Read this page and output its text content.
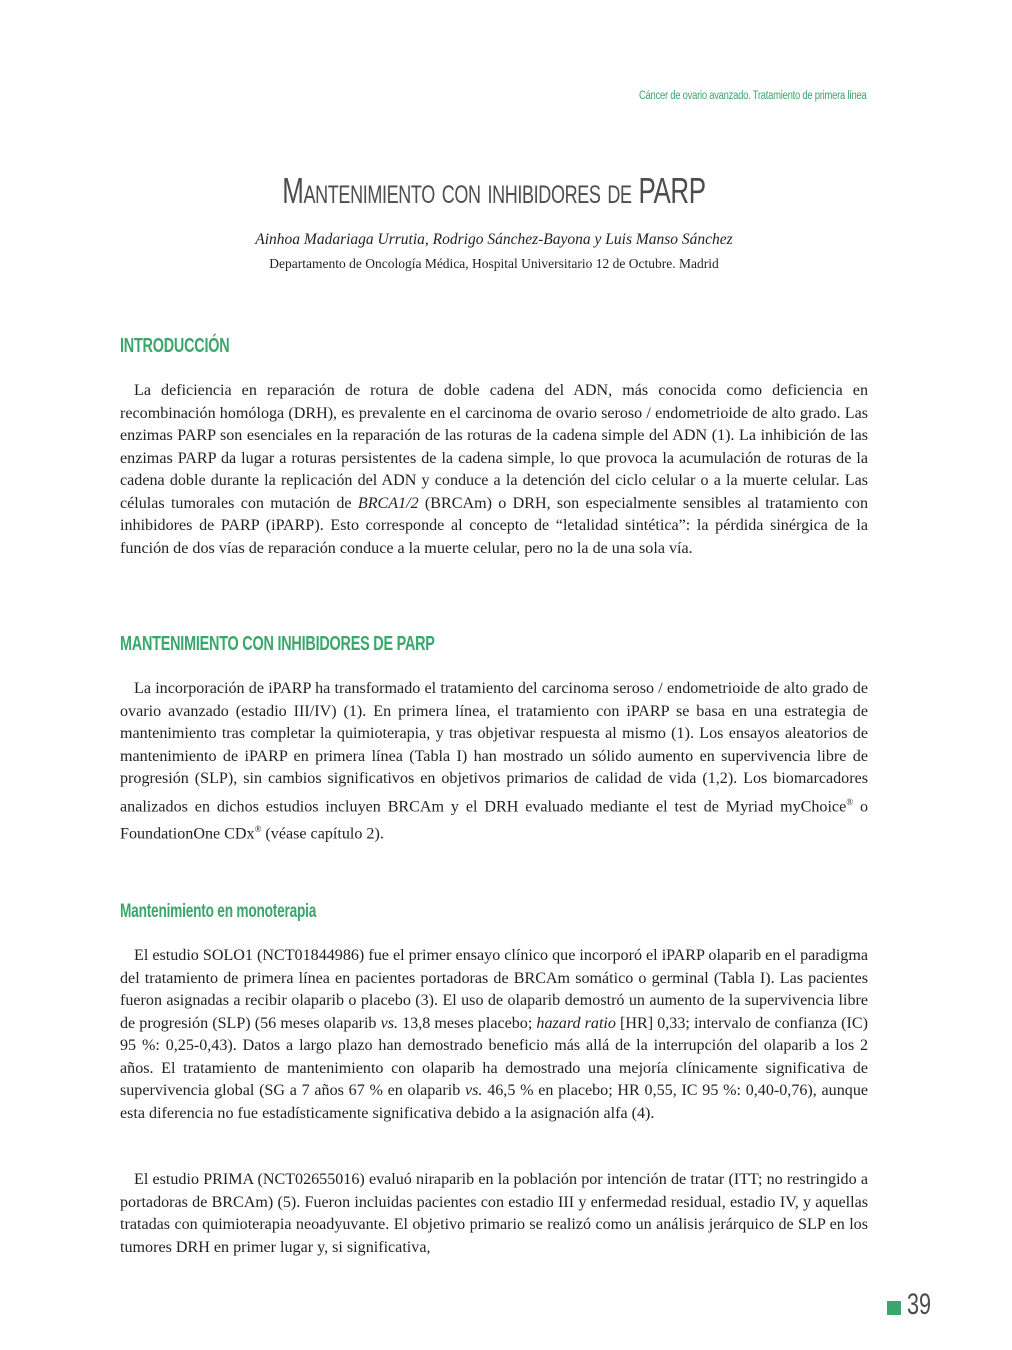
Cáncer de ovario avanzado. Tratamiento de primera línea
Mantenimiento con inhibidores de PARP
Ainhoa Madariaga Urrutia, Rodrigo Sánchez-Bayona y Luis Manso Sánchez
Departamento de Oncología Médica, Hospital Universitario 12 de Octubre. Madrid
INTRODUCCIÓN

La deficiencia en reparación de rotura de doble cadena del ADN, más conocida como deficiencia en recombinación homóloga (DRH), es prevalente en el carcinoma de ovario seroso / endometrioide de alto grado. Las enzimas PARP son esenciales en la reparación de las roturas de la cadena simple del ADN (1). La inhibición de las enzimas PARP da lugar a roturas persistentes de la cadena simple, lo que provoca la acumulación de roturas de la cadena doble durante la replicación del ADN y conduce a la detención del ciclo celular o a la muerte celular. Las células tumorales con mutación de BRCA1/2 (BRCAm) o DRH, son especialmente sensibles al tratamiento con inhibidores de PARP (iPARP). Esto corresponde al concepto de “letalidad sintética”: la pérdida sinérgica de la función de dos vías de reparación conduce a la muerte celular, pero no la de una sola vía.

MANTENIMIENTO CON INHIBIDORES DE PARP

La incorporación de iPARP ha transformado el tratamiento del carcinoma seroso / endometrioide de alto grado de ovario avanzado (estadio III/IV) (1). En primera línea, el tratamiento con iPARP se basa en una estrategia de mantenimiento tras completar la quimioterapia, y tras objetivar respuesta al mismo (1). Los ensayos aleatorios de mantenimiento de iPARP en primera línea (Tabla I) han mostrado un sólido aumento en supervivencia libre de progresión (SLP), sin cambios significativos en objetivos primarios de calidad de vida (1,2). Los biomarcadores analizados en dichos estudios incluyen BRCAm y el DRH evaluado mediante el test de Myriad myChoice® o FoundationOne CDx® (véase capítulo 2).

Mantenimiento en monoterapia

El estudio SOLO1 (NCT01844986) fue el primer ensayo clínico que incorporó el iPARP olaparib en el paradigma del tratamiento de primera línea en pacientes portadoras de BRCAm somático o germinal (Tabla I). Las pacientes fueron asignadas a recibir olaparib o placebo (3). El uso de olaparib demostró un aumento de la supervivencia libre de progresión (SLP) (56 meses olaparib vs. 13,8 meses placebo; hazard ratio [HR] 0,33; intervalo de confianza (IC) 95 %: 0,25-0,43). Datos a largo plazo han demostrado beneficio más allá de la interrupción del olaparib a los 2 años. El tratamiento de mantenimiento con olaparib ha demostrado una mejoría clínicamente significativa de supervivencia global (SG a 7 años 67 % en olaparib vs. 46,5 % en placebo; HR 0,55, IC 95 %: 0,40-0,76), aunque esta diferencia no fue estadísticamente significativa debido a la asignación alfa (4).

El estudio PRIMA (NCT02655016) evaluó niraparib en la población por intención de tratar (ITT; no restringido a portadoras de BRCAm) (5). Fueron incluidas pacientes con estadio III y enfermedad residual, estadio IV, y aquellas tratadas con quimioterapia neoadyuvante. El objetivo primario se realizó como un análisis jerárquico de SLP en los tumores DRH en primer lugar y, si significativa,

39
